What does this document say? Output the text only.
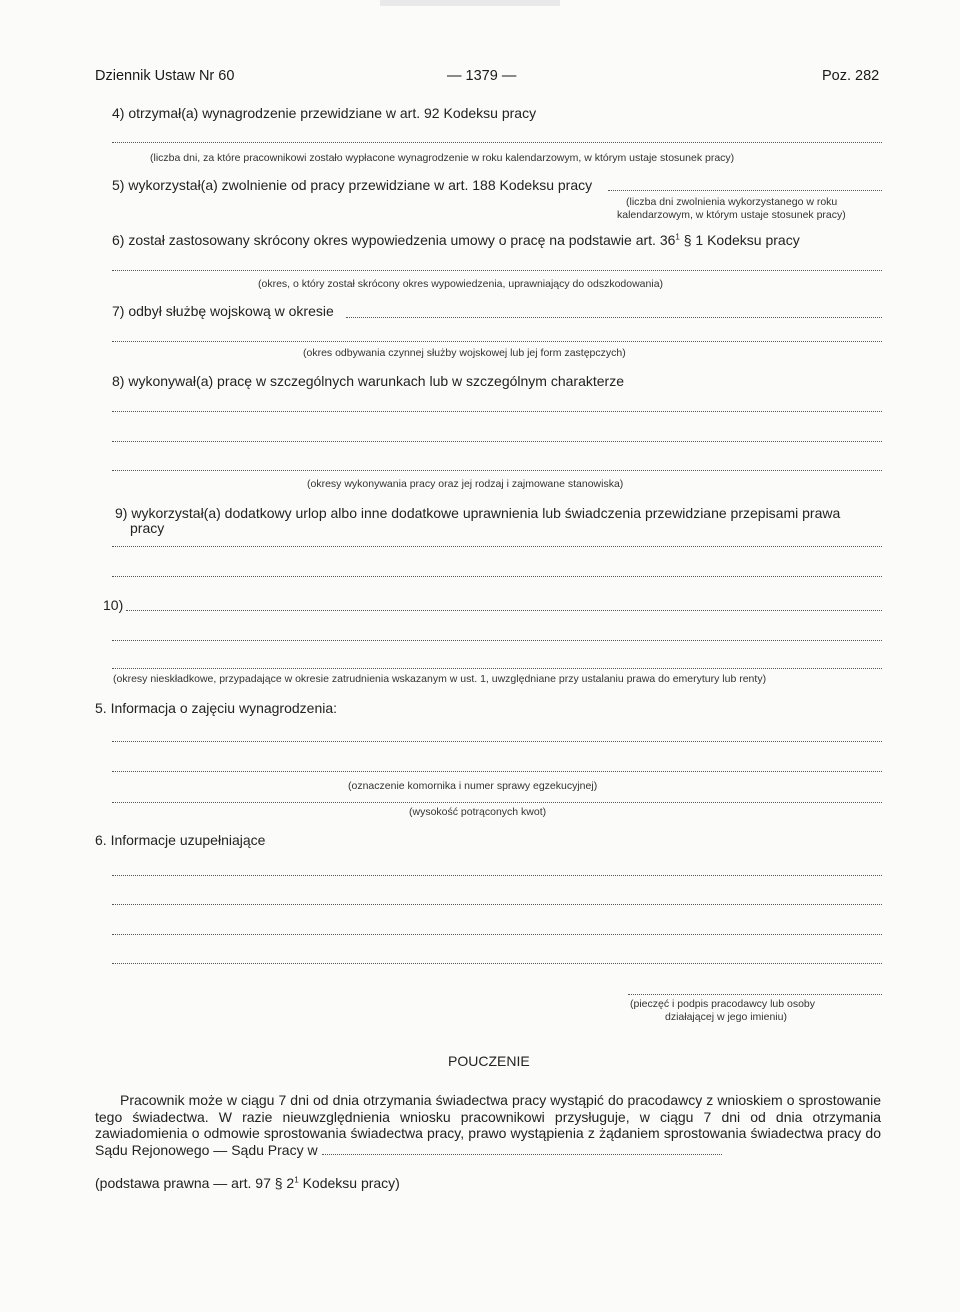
Dziennik Ustaw Nr 60	— 1379 —	Poz. 282
4) otrzymał(a) wynagrodzenie przewidziane w art. 92 Kodeksu pracy
(liczba dni, za które pracownikowi zostało wypłacone wynagrodzenie w roku kalendarzowym, w którym ustaje stosunek pracy)
5) wykorzystał(a) zwolnienie od pracy przewidziane w art. 188 Kodeksu pracy
(liczba dni zwolnienia wykorzystanego w roku
kalendarzowym, w którym ustaje stosunek pracy)
6) został zastosowany skrócony okres wypowiedzenia umowy o pracę na podstawie art. $36^1$ § 1 Kodeksu pracy
(okres, o który został skrócony okres wypowiedzenia, uprawniający do odszkodowania)
7) odbył służbę wojskową w okresie
(okres odbywania czynnej służby wojskowej lub jej form zastępczych)
8) wykonywał(a) pracę w szczególnych warunkach lub w szczególnym charakterze
(okresy wykonywania pracy oraz jej rodzaj i zajmowane stanowiska)
9) wykorzystał(a) dodatkowy urlop albo inne dodatkowe uprawnienia lub świadczenia przewidziane przepisami prawa
pracy
10)
(okresy nieskładkowe, przypadające w okresie zatrudnienia wskazanym w ust. 1, uwzględniane przy ustalaniu prawa do emerytury lub renty)
5. Informacja o zajęciu wynagrodzenia:
(oznaczenie komornika i numer sprawy egzekucyjnej)
(wysokość potrąconych kwot)
6. Informacje uzupełniające
(pieczęć i podpis pracodawcy lub osoby
działającej w jego imieniu)
POUCZENIE
Pracownik może w ciągu 7 dni od dnia otrzymania świadectwa pracy wystąpić do pracodawcy z wnioskiem o sprostowanie tego świadectwa. W razie nieuwzględnienia wniosku pracownikowi przysługuje, w ciągu 7 dni od dnia otrzymania zawiadomienia o odmowie sprostowania świadectwa pracy, prawo wystąpienia z żądaniem sprostowania świadectwa pracy do Sądu Rejonowego — Sądu Pracy w
(podstawa prawna — art. 97 § $2^1$ Kodeksu pracy)
